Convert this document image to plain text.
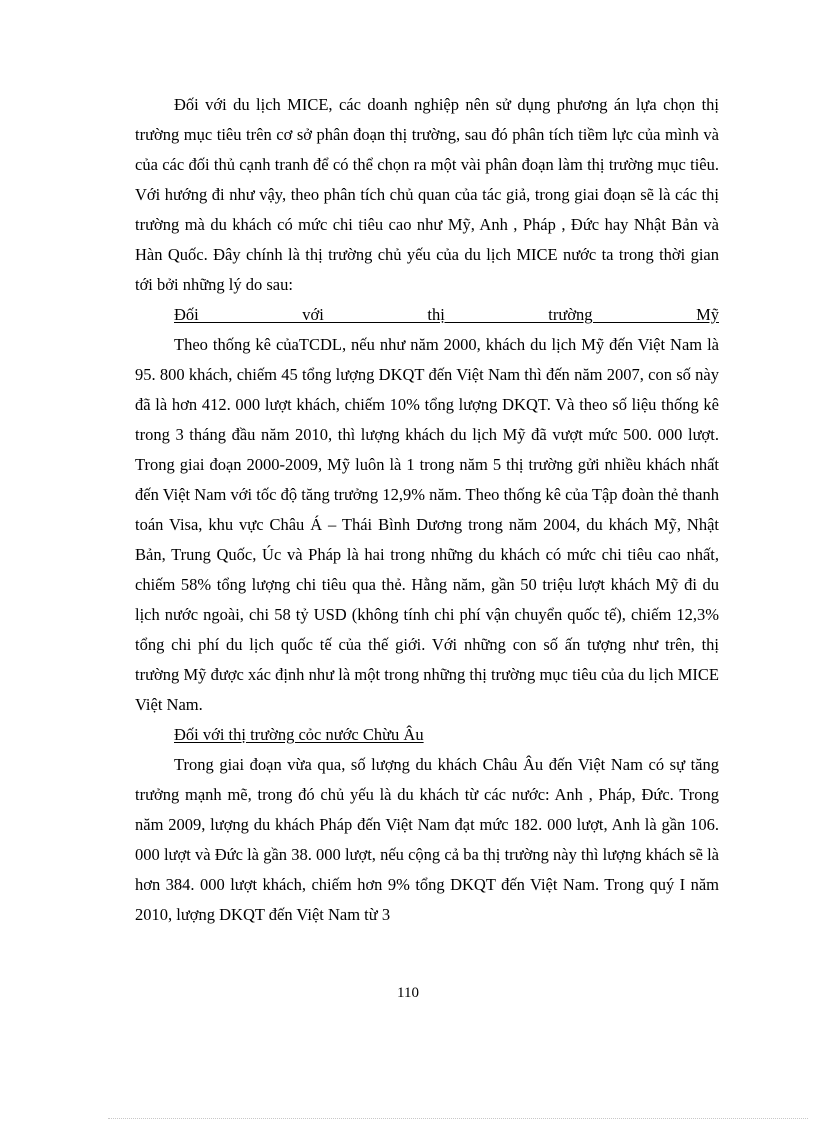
Đối với du lịch MICE, các doanh nghiệp nên sử dụng phương án lựa chọn thị trường mục tiêu trên cơ sở phân đoạn thị trường, sau đó phân tích tiềm lực của mình và của các đối thủ cạnh tranh để có thể chọn ra một vài phân đoạn làm thị trường mục tiêu. Với hướng đi như vậy, theo phân tích chủ quan của tác giả, trong giai đoạn sẽ là các thị trường mà du khách có mức chi tiêu cao như Mỹ, Anh , Pháp , Đức hay Nhật Bản và Hàn Quốc. Đây chính là thị trường chủ yếu của du lịch MICE nước ta trong thời gian tới bởi những lý do sau:

Đối với thị trường Mỹ

Theo thống kê củaTCDL, nếu như năm 2000, khách du lịch Mỹ đến Việt Nam là 95. 800 khách, chiếm 45 tổng lượng DKQT đến Việt Nam thì đến năm 2007, con số này đã là hơn 412. 000 lượt khách, chiếm 10% tổng lượng DKQT. Và theo số liệu thống kê trong 3 tháng đầu năm 2010, thì lượng khách du lịch Mỹ đã vượt mức 500. 000 lượt. Trong giai đoạn 2000-2009, Mỹ luôn là 1 trong năm 5 thị trường gửi nhiều khách nhất đến Việt Nam với tốc độ tăng trưởng 12,9% năm. Theo thống kê của Tập đoàn thẻ thanh toán Visa, khu vực Châu Á – Thái Bình Dương trong năm 2004, du khách Mỹ, Nhật Bản, Trung Quốc, Úc và Pháp là hai trong những du khách có mức chi tiêu cao nhất, chiếm 58% tổng lượng chi tiêu qua thẻ. Hằng năm, gần 50 triệu lượt khách Mỹ đi du lịch nước ngoài, chi 58 tỷ USD (không tính chi phí vận chuyển quốc tế), chiếm 12,3% tổng chi phí du lịch quốc tế của thế giới. Với những con số ấn tượng như trên, thị trường Mỹ được xác định như là một trong những thị trường mục tiêu của du lịch MICE Việt Nam.

Đối với thị trường cỏc nước Chừu Âu

Trong giai đoạn vừa qua, số lượng du khách Châu Âu đến Việt Nam có sự tăng trưởng mạnh mẽ, trong đó chủ yếu là du khách từ các nước: Anh , Pháp, Đức. Trong năm 2009, lượng du khách Pháp đến Việt Nam đạt mức 182. 000 lượt, Anh là gần 106. 000 lượt và Đức là gần 38. 000 lượt, nếu cộng cả ba thị trường này thì lượng khách sẽ là hơn 384. 000 lượt khách, chiếm hơn 9% tổng DKQT đến Việt Nam. Trong quý I năm 2010, lượng DKQT đến Việt Nam từ 3

110
